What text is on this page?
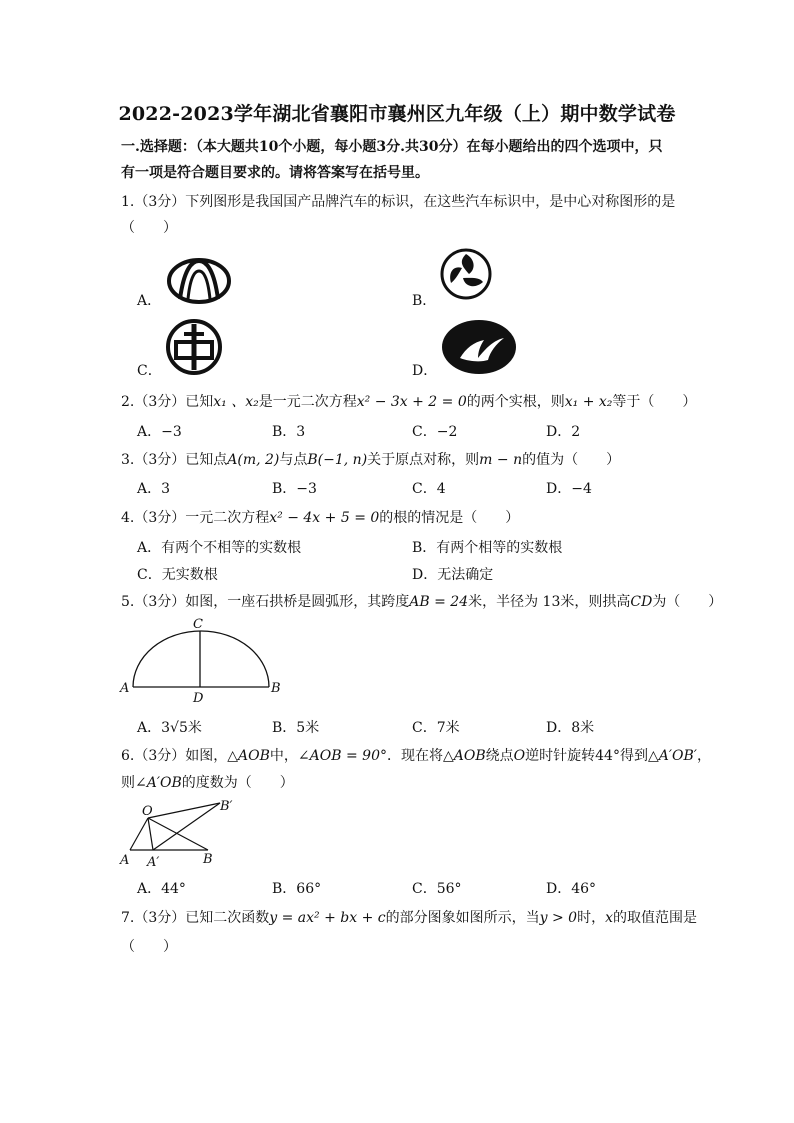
2022-2023学年湖北省襄阳市襄州区九年级（上）期中数学试卷
一.选择题：（本大题共10个小题，每小题3分.共30分）在每小题给出的四个选项中，只
有一项是符合题目要求的。请将答案写在括号里。
1.（3分）下列图形是我国国产品牌汽车的标识，在这些汽车标识中，是中心对称图形的是
（　　）
A．	B．
C．	D．
2.（3分）已知x₁ 、x₂是一元二次方程x² − 3x + 2 = 0的两个实根，则x₁ + x₂等于（　　）
A．−3	B．3	C．−2	D．2
3.（3分）已知点A(m, 2)与点B(−1, n)关于原点对称，则m − n的值为（　　）
A．3	B．−3	C．4	D．−4
4.（3分）一元二次方程x² − 4x + 5 = 0的根的情况是（　　）
A．有两个不相等的实数根	B．有两个相等的实数根
C．无实数根	D．无法确定
5.（3分）如图，一座石拱桥是圆弧形，其跨度AB = 24米，半径为 13米，则拱高CD为（　　）
C
A	B
D
A．3√5米	B．5米	C．7米	D．8米
6.（3分）如图，△AOB中，∠AOB = 90°．现在将△AOB绕点O逆时针旋转44°得到△A′OB′，
则∠A′OB的度数为（　　）
O
A A′	B
B′
A．44°	B．66°	C．56°	D．46°
7.（3分）已知二次函数y = ax² + bx + c的部分图象如图所示，当y > 0时，x的取值范围是
（　　）
